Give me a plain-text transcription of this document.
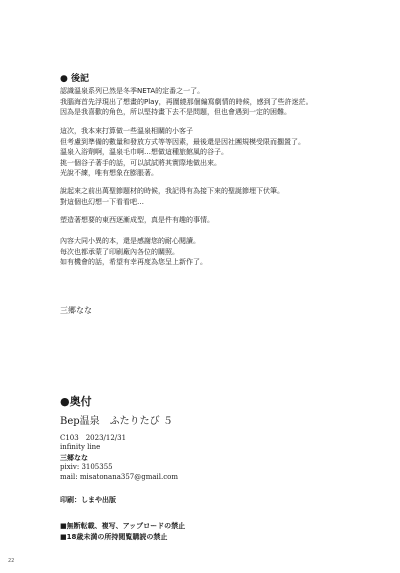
● 後記
認識溫泉系列已然是冬季NETA的定番之一了。
我腦海首先浮現出了想畫的Play，再圍繞那個編寫劇情的時候，感到了些許迷茫。
因為是我喜歡的角色，所以堅持畫下去不是問題，但也會遇到一定的困難。
這次，我本來打算做一些溫泉相關的小客子
但考慮到準備的數量和發放方式等等因素，最後還是因社團規模受限而擱置了。
溫泉入浴劑啊，溫泉毛巾啊…想做這種旅館風的谷子。
挑一個谷子著手的話，可以試試將其實際地做出來。
光說不練，唯有想象在膨脹著。
說起來之前出萬聖節題材的時候，我記得有為接下來的聖誕節埋下伏筆。
對這個也幻想一下看看吧…
塑造著想要的東西逐漸成型，真是件有趣的事情。
內容大同小異的本，還是感謝您的耐心閱讀。
每次也都承蒙了印刷廠內各位的關照。
如有機會的話，希望有幸再度為您呈上新作了。
三郷なな
●奥付
Bep温泉　ふたりたび ５
C103　2023/12/31
infinity line
三郷なな
pixiv: 3105355
mail: misatonana357@gmail.com
印刷：しまや出版
■無断転載、複写、アップロードの禁止
■18歳未満の所持閲覧購読の禁止
22
